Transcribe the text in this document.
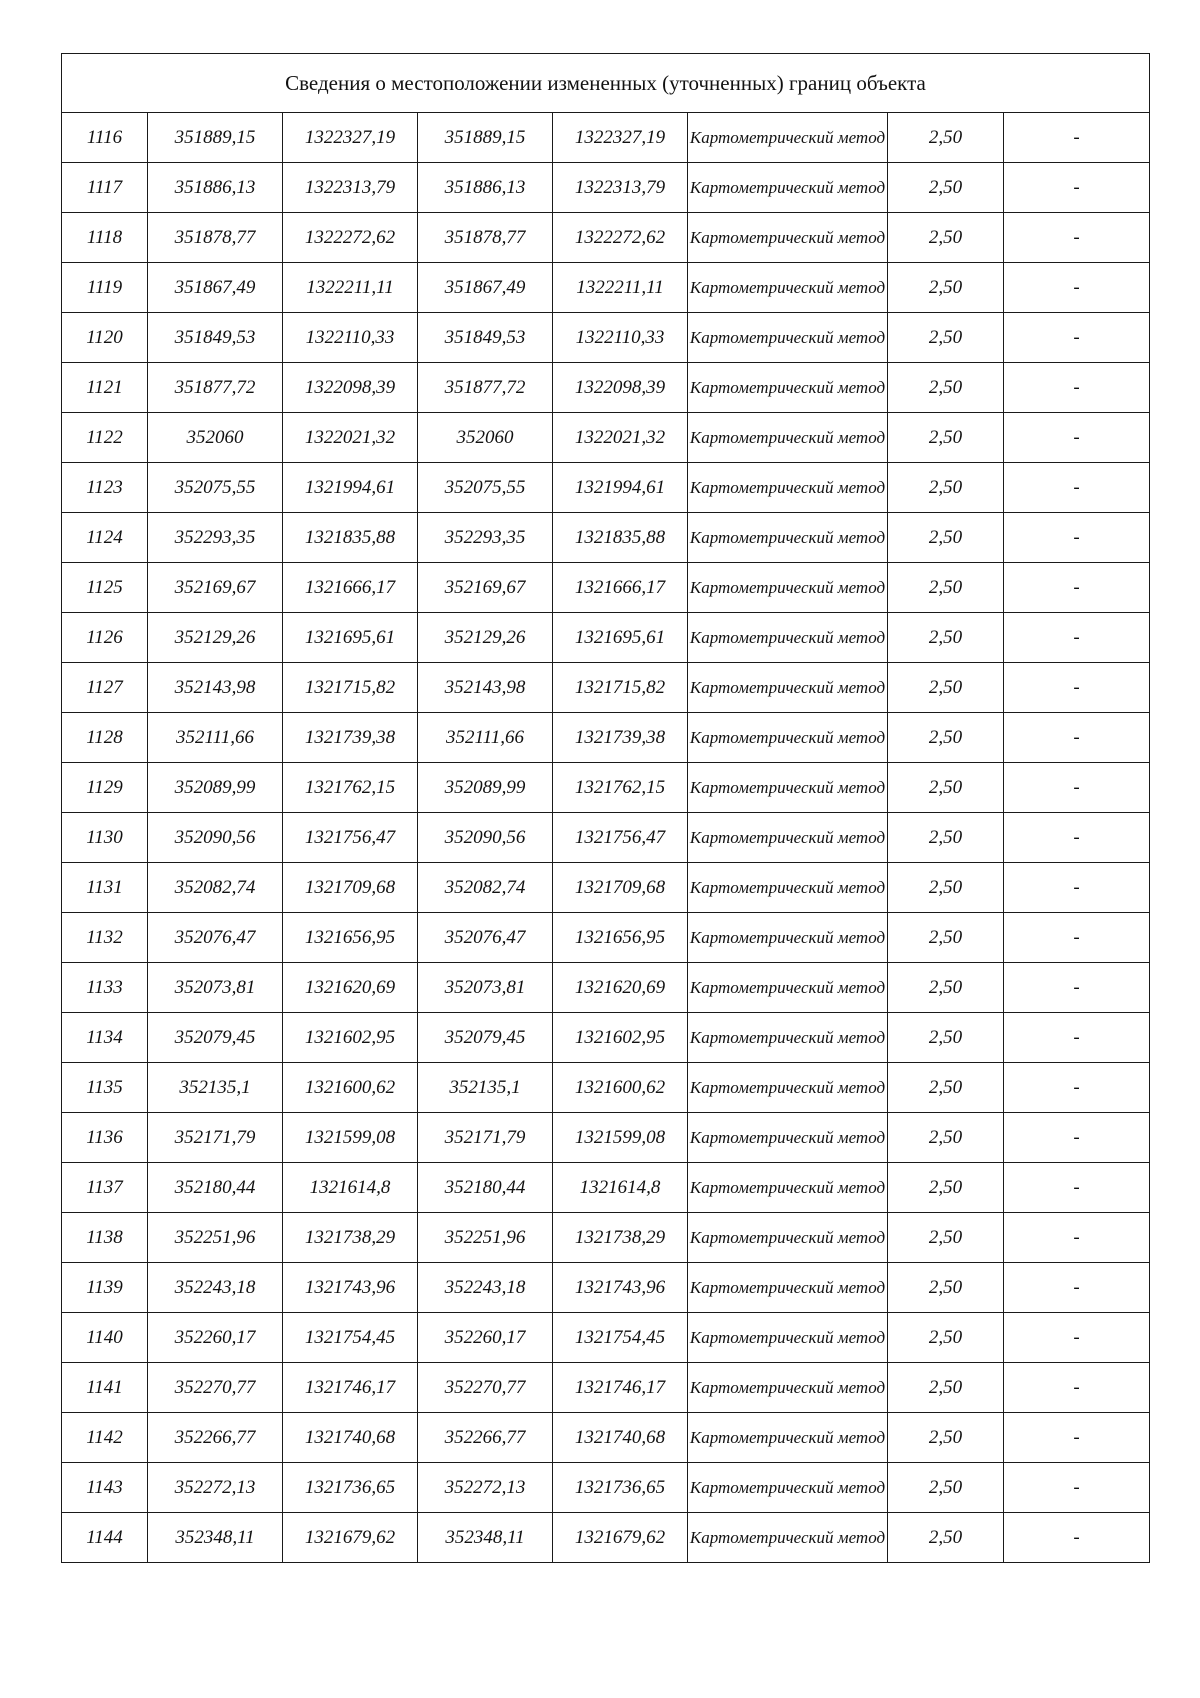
Сведения о местоположении измененных (уточненных) границ объекта							
1116	351889,15	1322327,19	351889,15	1322327,19	Картометрический метод	2,50	-
1117	351886,13	1322313,79	351886,13	1322313,79	Картометрический метод	2,50	-
1118	351878,77	1322272,62	351878,77	1322272,62	Картометрический метод	2,50	-
1119	351867,49	1322211,11	351867,49	1322211,11	Картометрический метод	2,50	-
1120	351849,53	1322110,33	351849,53	1322110,33	Картометрический метод	2,50	-
1121	351877,72	1322098,39	351877,72	1322098,39	Картометрический метод	2,50	-
1122	352060	1322021,32	352060	1322021,32	Картометрический метод	2,50	-
1123	352075,55	1321994,61	352075,55	1321994,61	Картометрический метод	2,50	-
1124	352293,35	1321835,88	352293,35	1321835,88	Картометрический метод	2,50	-
1125	352169,67	1321666,17	352169,67	1321666,17	Картометрический метод	2,50	-
1126	352129,26	1321695,61	352129,26	1321695,61	Картометрический метод	2,50	-
1127	352143,98	1321715,82	352143,98	1321715,82	Картометрический метод	2,50	-
1128	352111,66	1321739,38	352111,66	1321739,38	Картометрический метод	2,50	-
1129	352089,99	1321762,15	352089,99	1321762,15	Картометрический метод	2,50	-
1130	352090,56	1321756,47	352090,56	1321756,47	Картометрический метод	2,50	-
1131	352082,74	1321709,68	352082,74	1321709,68	Картометрический метод	2,50	-
1132	352076,47	1321656,95	352076,47	1321656,95	Картометрический метод	2,50	-
1133	352073,81	1321620,69	352073,81	1321620,69	Картометрический метод	2,50	-
1134	352079,45	1321602,95	352079,45	1321602,95	Картометрический метод	2,50	-
1135	352135,1	1321600,62	352135,1	1321600,62	Картометрический метод	2,50	-
1136	352171,79	1321599,08	352171,79	1321599,08	Картометрический метод	2,50	-
1137	352180,44	1321614,8	352180,44	1321614,8	Картометрический метод	2,50	-
1138	352251,96	1321738,29	352251,96	1321738,29	Картометрический метод	2,50	-
1139	352243,18	1321743,96	352243,18	1321743,96	Картометрический метод	2,50	-
1140	352260,17	1321754,45	352260,17	1321754,45	Картометрический метод	2,50	-
1141	352270,77	1321746,17	352270,77	1321746,17	Картометрический метод	2,50	-
1142	352266,77	1321740,68	352266,77	1321740,68	Картометрический метод	2,50	-
1143	352272,13	1321736,65	352272,13	1321736,65	Картометрический метод	2,50	-
1144	352348,11	1321679,62	352348,11	1321679,62	Картометрический метод	2,50	-
